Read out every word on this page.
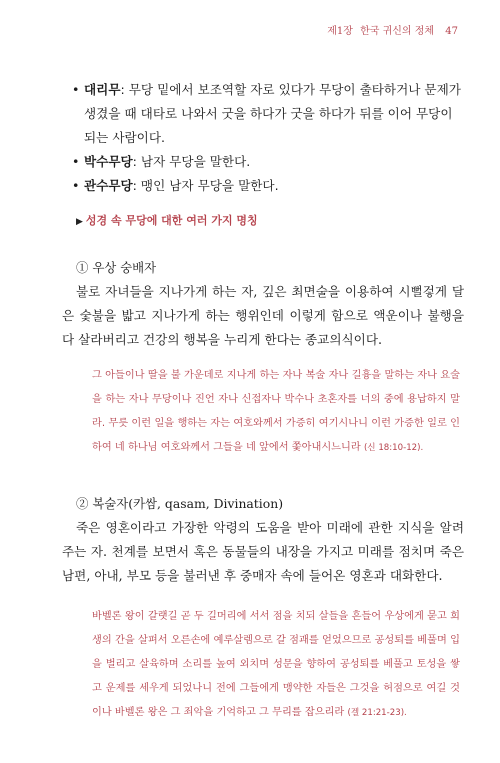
제1장 한국 귀신의 정체 47

• 대리무: 무당 밑에서 보조역할 자로 있다가 무당이 출타하거나 문제가 생겼을 때 대타로 나와서 굿을 하다가 굿을 하다가 뒤를 이어 무당이 되는 사람이다.

• 박수무당: 남자 무당을 말한다.

• 관수무당: 맹인 남자 무당을 말한다.

▶ 성경 속 무당에 대한 여러 가지 명칭
① 우상 숭배자
불로 자녀들을 지나가게 하는 자, 깊은 최면술을 이용하여 시뻘겋게 달은 숯불을 밟고 지나가게 하는 행위인데 이렇게 함으로 액운이나 불행을 다 살라버리고 건강의 행복을 누리게 한다는 종교의식이다.
그 아들이나 딸을 불 가운데로 지나게 하는 자나 복술 자나 길흉을 말하는 자나 요술을 하는 자나 무당이나 진언 자나 신접자나 박수나 초혼자를 너의 중에 용납하지 말라. 무릇 이런 일을 행하는 자는 여호와께서 가증히 여기시나니 이런 가증한 일로 인하여 네 하나님 여호와께서 그들을 네 앞에서 쫓아내시느니라 (신 18:10-12).
② 복술자(카쌈, qasam, Divination)
죽은 영혼이라고 가장한 악령의 도움을 받아 미래에 관한 지식을 알려주는 자. 천계를 보면서 혹은 동물들의 내장을 가지고 미래를 점치며 죽은 남편, 아내, 부모 등을 불러낸 후 중매자 속에 들어온 영혼과 대화한다.
바벨론 왕이 갈랫길 곧 두 길머리에 서서 점을 치되 살들을 흔들어 우상에게 묻고 희생의 간을 살펴서 오른손에 예루살렘으로 갈 점괘를 얻었으므로 공성퇴를 베풀며 입을 벌리고 살육하며 소리를 높여 외치며 성문을 향하여 공성퇴를 베풀고 토성을 쌓고 운제를 세우게 되었나니 전에 그들에게 맹약한 자들은 그것을 허점으로 여길 것이나 바벨론 왕은 그 죄악을 기억하고 그 무리를 잡으리라 (겔 21:21-23).
